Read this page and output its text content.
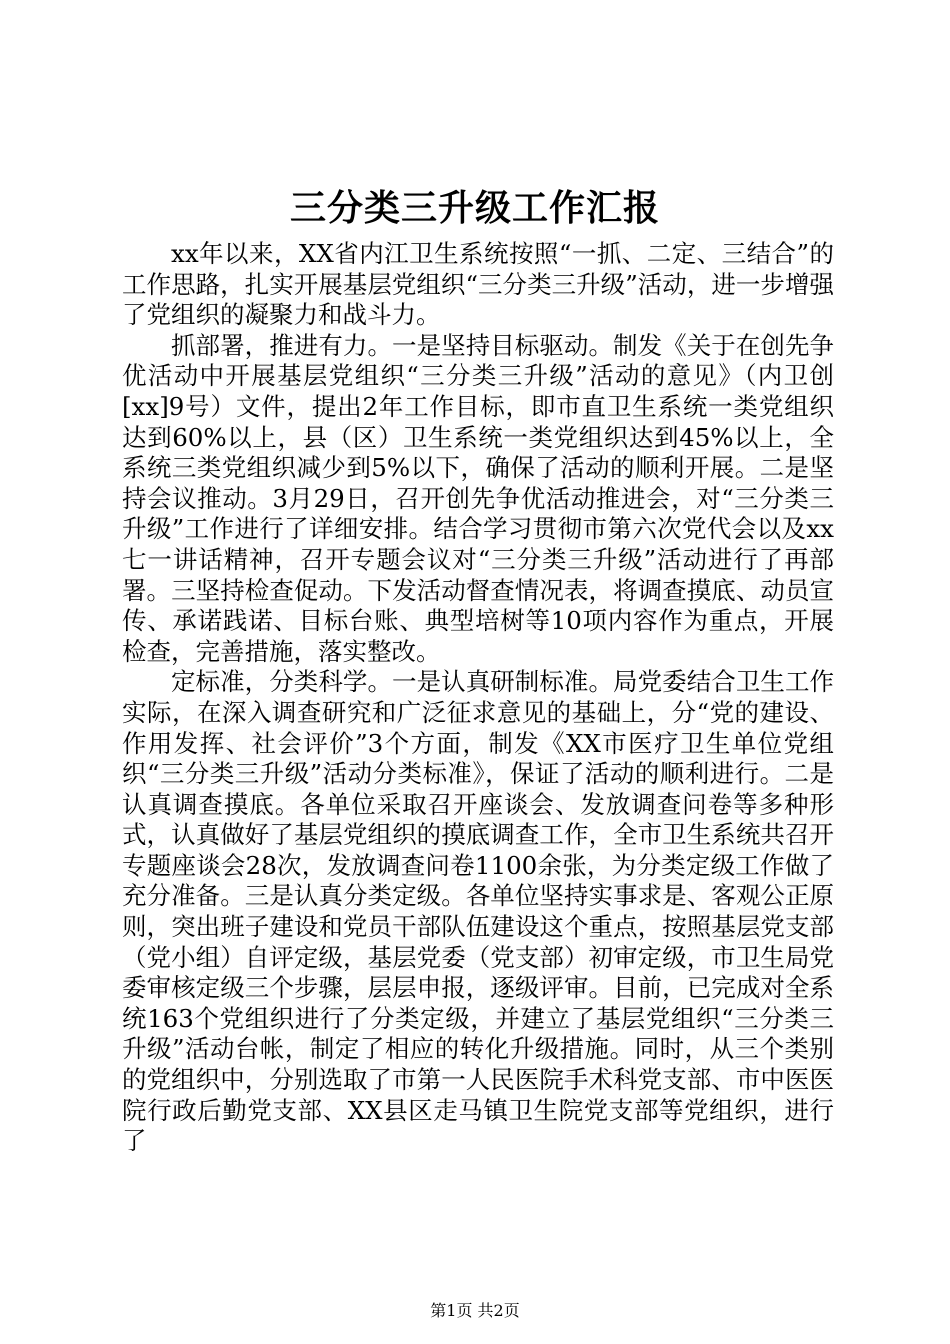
三分类三升级工作汇报

xx年以来，XX省内江卫生系统按照“一抓、二定、三结合”的工作思路，扎实开展基层党组织“三分类三升级”活动，进一步增强了党组织的凝聚力和战斗力。

抓部署，推进有力。一是坚持目标驱动。制发《关于在创先争优活动中开展基层党组织“三分类三升级”活动的意见》（内卫创[xx]9号）文件，提出2年工作目标，即市直卫生系统一类党组织达到60%以上，县（区）卫生系统一类党组织达到45%以上，全系统三类党组织减少到5%以下，确保了活动的顺利开展。二是坚持会议推动。3月29日，召开创先争优活动推进会，对“三分类三升级”工作进行了详细安排。结合学习贯彻市第六次党代会以及xx七一讲话精神，召开专题会议对“三分类三升级”活动进行了再部署。三坚持检查促动。下发活动督查情况表，将调查摸底、动员宣传、承诺践诺、目标台账、典型培树等10项内容作为重点，开展检查，完善措施，落实整改。

定标准，分类科学。一是认真研制标准。局党委结合卫生工作实际，在深入调查研究和广泛征求意见的基础上，分“党的建设、作用发挥、社会评价”3个方面，制发《XX市医疗卫生单位党组织“三分类三升级”活动分类标准》，保证了活动的顺利进行。二是认真调查摸底。各单位采取召开座谈会、发放调查问卷等多种形式，认真做好了基层党组织的摸底调查工作，全市卫生系统共召开专题座谈会28次，发放调查问卷1100余张，为分类定级工作做了充分准备。三是认真分类定级。各单位坚持实事求是、客观公正原则，突出班子建设和党员干部队伍建设这个重点，按照基层党支部（党小组）自评定级，基层党委（党支部）初审定级，市卫生局党委审核定级三个步骤，层层申报，逐级评审。目前，已完成对全系统163个党组织进行了分类定级，并建立了基层党组织“三分类三升级”活动台帐，制定了相应的转化升级措施。同时，从三个类别的党组织中，分别选取了市第一人民医院手术科党支部、市中医医院行政后勤党支部、XX县区走马镇卫生院党支部等党组织，进行了

第1页 共2页
